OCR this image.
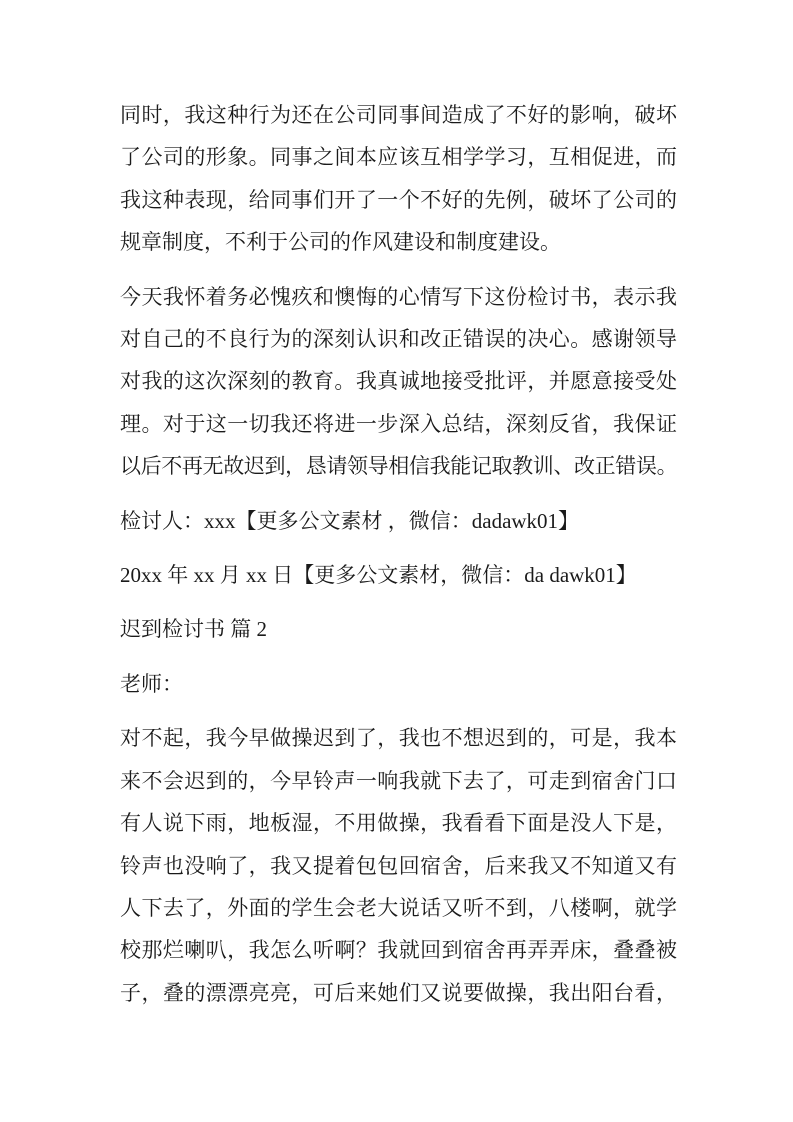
同时，我这种行为还在公司同事间造成了不好的影响，破坏
了公司的形象。同事之间本应该互相学学习，互相促进，而
我这种表现，给同事们开了一个不好的先例，破坏了公司的
规章制度，不利于公司的作风建设和制度建设。
今天我怀着务必愧疚和懊悔的心情写下这份检讨书，表示我
对自己的不良行为的深刻认识和改正错误的决心。感谢领导
对我的这次深刻的教育。我真诚地接受批评，并愿意接受处
理。对于这一切我还将进一步深入总结，深刻反省，我保证
以后不再无故迟到，恳请领导相信我能记取教训、改正错误。
检讨人：xxx【更多公文素材 ，微信：dadawk01】
20xx 年 xx 月 xx 日【更多公文素材，微信：da dawk01】
迟到检讨书 篇 2
老师：
对不起，我今早做操迟到了，我也不想迟到的，可是，我本
来不会迟到的，今早铃声一响我就下去了，可走到宿舍门口
有人说下雨，地板湿，不用做操，我看看下面是没人下是，
铃声也没响了，我又提着包包回宿舍，后来我又不知道又有
人下去了，外面的学生会老大说话又听不到，八楼啊，就学
校那烂喇叭，我怎么听啊？我就回到宿舍再弄弄床，叠叠被
子，叠的漂漂亮亮，可后来她们又说要做操，我出阳台看，
